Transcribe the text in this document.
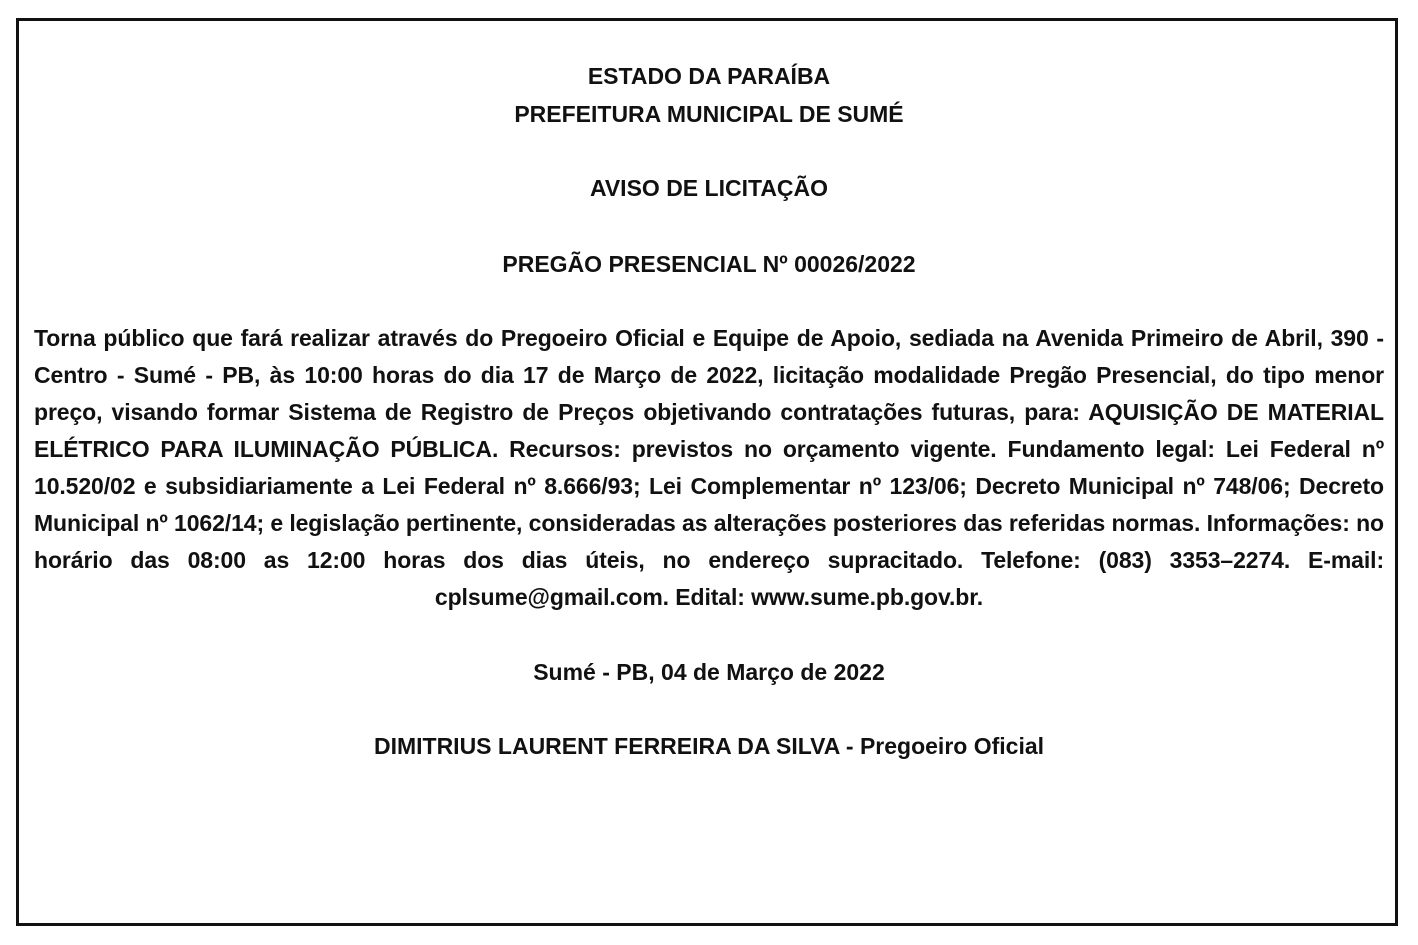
ESTADO DA PARAÍBA

PREFEITURA MUNICIPAL DE SUMÉ

AVISO DE LICITAÇÃO

PREGÃO PRESENCIAL Nº 00026/2022

Torna público que fará realizar através do Pregoeiro Oficial e Equipe de Apoio, sediada na Avenida Primeiro de Abril, 390 - Centro - Sumé - PB, às 10:00 horas do dia 17 de Março de 2022, licitação modalidade Pregão Presencial, do tipo menor preço, visando formar Sistema de Registro de Preços objetivando contratações futuras, para: AQUISIÇÃO DE MATERIAL ELÉTRICO PARA ILUMINAÇÃO PÚBLICA. Recursos: previstos no orçamento vigente. Fundamento legal: Lei Federal nº 10.520/02 e subsidiariamente a Lei Federal nº 8.666/93; Lei Complementar nº 123/06; Decreto Municipal nº 748/06; Decreto Municipal nº 1062/14; e legislação pertinente, consideradas as alterações posteriores das referidas normas. Informações: no horário das 08:00 as 12:00 horas dos dias úteis, no endereço supracitado. Telefone: (083) 3353–2274. E-mail: cplsume@gmail.com. Edital: www.sume.pb.gov.br.

Sumé - PB, 04 de Março de 2022

DIMITRIUS LAURENT FERREIRA DA SILVA - Pregoeiro Oficial
